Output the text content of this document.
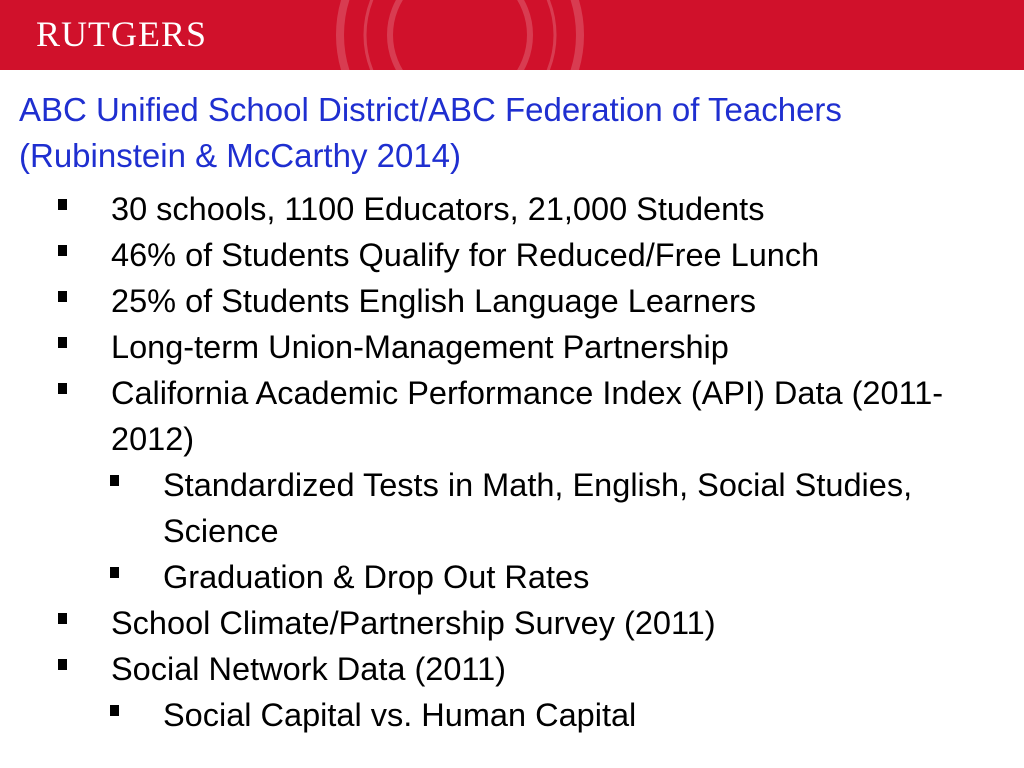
RUTGERS
ABC Unified School District/ABC Federation of Teachers
(Rubinstein & McCarthy 2014)
30 schools, 1100 Educators, 21,000 Students
46% of Students Qualify for Reduced/Free Lunch
25% of Students English Language Learners
Long-term Union-Management Partnership
California Academic Performance Index (API) Data (2011-2012)
Standardized Tests in Math, English, Social Studies, Science
Graduation & Drop Out Rates
School Climate/Partnership Survey (2011)
Social Network Data (2011)
Social Capital vs. Human Capital
